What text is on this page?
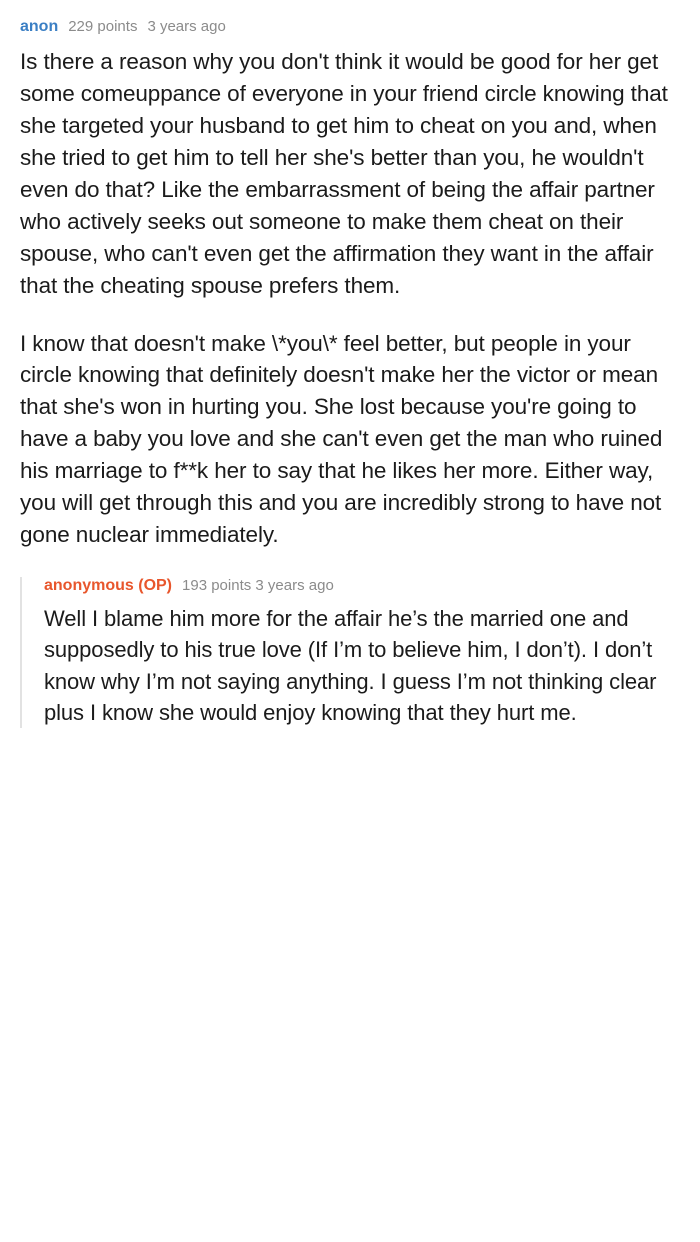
anon 229 points 3 years ago

Is there a reason why you don't think it would be good for her get some comeuppance of everyone in your friend circle knowing that she targeted your husband to get him to cheat on you and, when she tried to get him to tell her she's better than you, he wouldn't even do that? Like the embarrassment of being the affair partner who actively seeks out someone to make them cheat on their spouse, who can't even get the affirmation they want in the affair that the cheating spouse prefers them.

I know that doesn't make \*you\* feel better, but people in your circle knowing that definitely doesn't make her the victor or mean that she's won in hurting you. She lost because you're going to have a baby you love and she can't even get the man who ruined his marriage to f**k her to say that he likes her more. Either way, you will get through this and you are incredibly strong to have not gone nuclear immediately.

anonymous (OP) 193 points 3 years ago

Well I blame him more for the affair he’s the married one and supposedly to his true love (If I’m to believe him, I don’t). I don’t know why I’m not saying anything. I guess I’m not thinking clear plus I know she would enjoy knowing that they hurt me.
